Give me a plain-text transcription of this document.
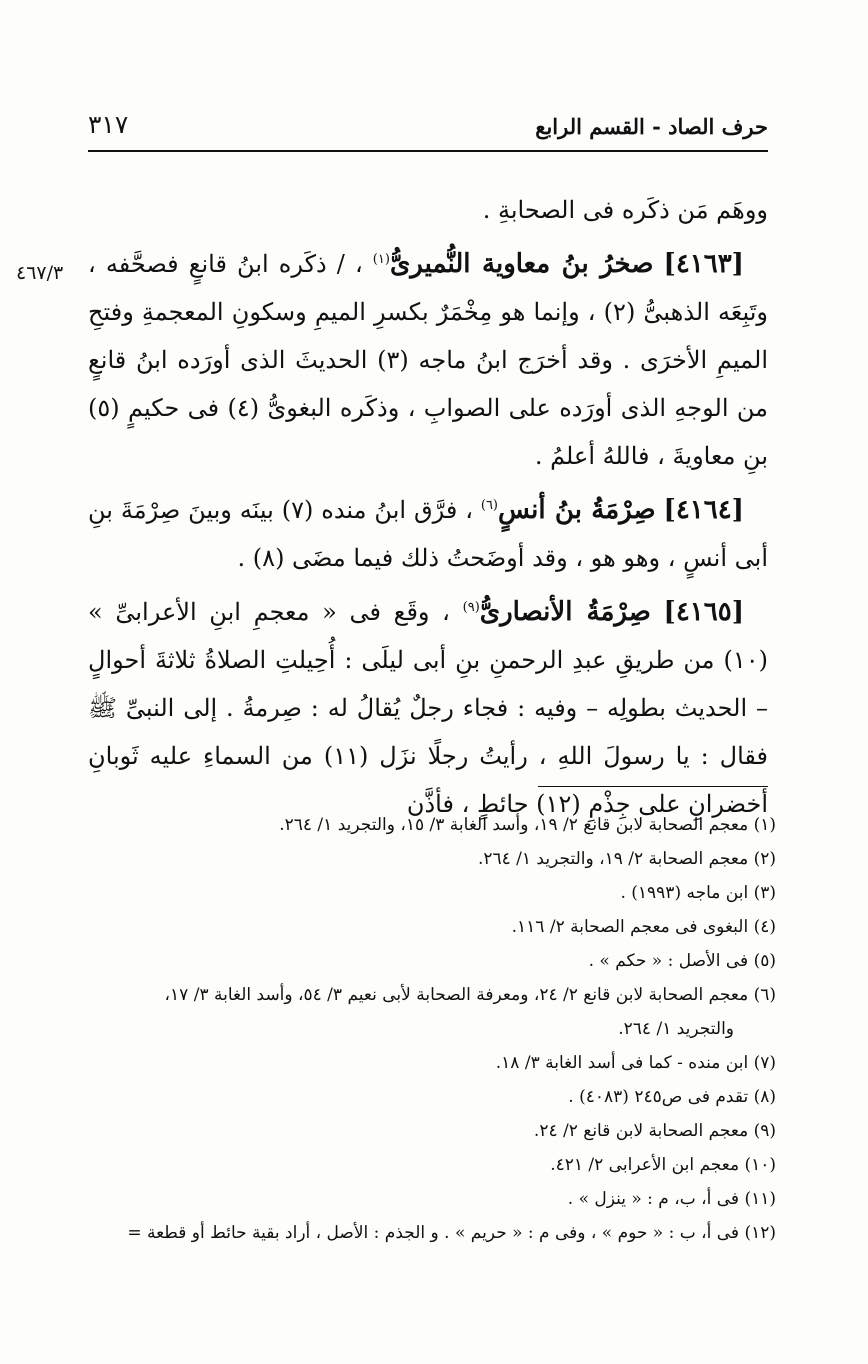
٣١٧	حرف الصاد - القسم الرابع
٤٦٧/٣

ووهَم مَن ذكَره فى الصحابةِ .

[٤١٦٣] صخرُ بنُ معاوية النُّميرىُّ$^{(١)}$ ، / ذكَره ابنُ قانعٍ فصحَّفه ، وتَبِعَه الذهبىُّ (٢) ، وإنما هو مِخْمَرٌ بكسرِ الميمِ وسكونِ المعجمةِ وفتحِ الميمِ الأخرَى . وقد أخرَج ابنُ ماجه (٣) الحديثَ الذى أورَده ابنُ قانعٍ من الوجهِ الذى أورَده على الصوابِ ، وذكَره البغوىُّ (٤) فى حكيمٍ (٥) بنِ معاويةَ ، فاللهُ أعلمُ .

[٤١٦٤] صِرْمَةُ بنُ أنسٍ$^{(٦)}$ ، فرَّق ابنُ منده (٧) بينَه وبينَ صِرْمَةَ بنِ أبى أنسٍ ، وهو هو ، وقد أوضَحتُ ذلك فيما مضَى (٨) .

[٤١٦٥] صِرْمَةُ الأنصارىُّ$^{(٩)}$ ، وقَع فى « معجمِ ابنِ الأعرابىِّ » (١٠) من طريقِ عبدِ الرحمنِ بنِ أبى ليلَى : أُحِيلتِ الصلاةُ ثلاثةَ أحوالٍ – الحديث بطولِه – وفيه : فجاء رجلٌ يُقالُ له : صِرمةُ . إلى النبىِّ ﷺ فقال : يا رسولَ اللهِ ، رأيتُ رجلًا نزَل (١١) من السماءِ عليه ثَوبانِ أخضرانِ على جِذْمِ (١٢) حائطٍ ، فأذَّن

(١) معجم الصحابة لابن قانع ٢/ ١٩، وأسد الغابة ٣/ ١٥، والتجريد ١/ ٢٦٤.

(٢) معجم الصحابة ٢/ ١٩، والتجريد ١/ ٢٦٤.

(٣) ابن ماجه (١٩٩٣) .

(٤) البغوى فى معجم الصحابة ٢/ ١١٦.

(٥) فى الأصل : « حكم » .

(٦) معجم الصحابة لابن قانع ٢/ ٢٤، ومعرفة الصحابة لأبى نعيم ٣/ ٥٤، وأسد الغابة ٣/ ١٧،

والتجريد ١/ ٢٦٤.

(٧) ابن منده - كما فى أسد الغابة ٣/ ١٨.

(٨) تقدم فى ص٢٤٥ (٤٠٨٣) .

(٩) معجم الصحابة لابن قانع ٢/ ٢٤.

(١٠) معجم ابن الأعرابى ٢/ ٤٢١.

(١١) فى أ، ب، م : « ينزل » .

(١٢) فى أ، ب : « حوم » ، وفى م : « حريم » . و الجذم : الأصل ، أراد بقية حائط أو قطعة =
